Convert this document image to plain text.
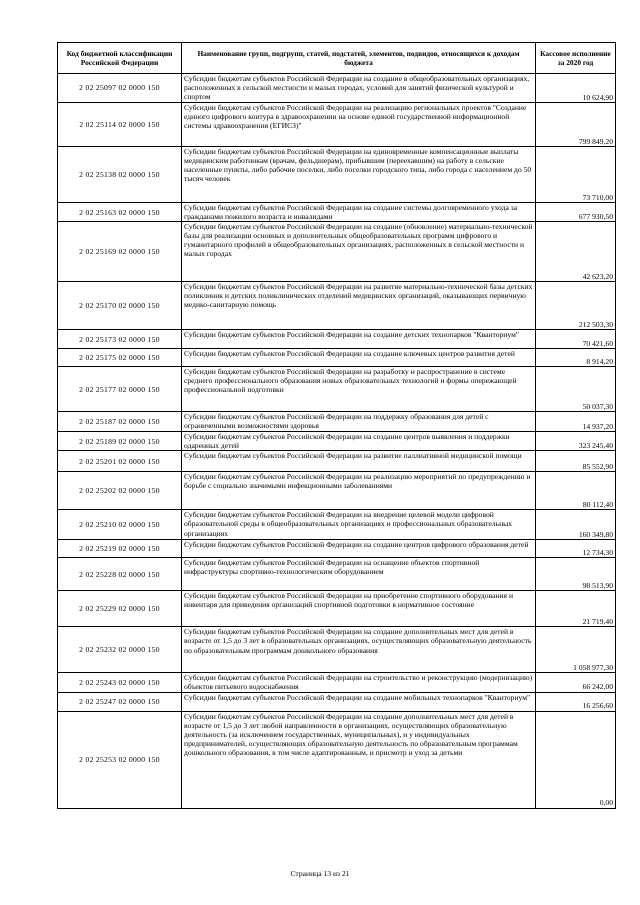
Код бюджетной классификации Российской Федерации	Наименование групп, подгрупп, статей, подстатей, элементов, подвидов, относящихся к доходам бюджета	Кассовое исполнение за 2020 год
2 02 25097 02 0000 150	Субсидии бюджетам субъектов Российской Федерации на создание в общеобразовательных организациях, расположенных в сельской местности и малых городах, условий для занятий физической культурой и спортом	10 624,90
2 02 25114 02 0000 150	Субсидии бюджетам субъектов Российской Федерации на реализацию региональных проектов "Создание единого цифрового контура в здравоохранении на основе единой государственной информационной системы здравоохранения (ЕГИСЗ)"	799 849,20
2 02 25138 02 0000 150	Субсидии бюджетам субъектов Российской Федерации на единовременные компенсационные выплаты медицинским работникам (врачам, фельдшерам), прибывшим (переехавшим) на работу в сельские населенные пункты, либо рабочие поселки, либо поселки городского типа, либо города с населением до 50 тысяч человек	73 710,00
2 02 25163 02 0000 150	Субсидии бюджетам субъектов Российской Федерации на создание системы долговременного ухода за гражданами пожилого возраста и инвалидами	677 930,50
2 02 25169 02 0000 150	Субсидии бюджетам субъектов Российской Федерации на создание (обновление) материально-технической базы для реализации основных и дополнительных общеобразовательных программ цифрового и гуманитарного профилей в общеобразовательных организациях, расположенных в сельской местности и малых городах	42 623,20
2 02 25170 02 0000 150	Субсидии бюджетам субъектов Российской Федерации на развитие материально-технической базы детских поликлиник и детских поликлинических отделений медицинских организаций, оказывающих первичную медико-санитарную помощь	212 503,30
2 02 25173 02 0000 150	Субсидии бюджетам субъектов Российской Федерации на создание детских технопарков "Кванториум"	70 421,60
2 02 25175 02 0000 150	Субсидии бюджетам субъектов Российской Федерации на создание ключевых центров развития детей	8 914,20
2 02 25177 02 0000 150	Субсидии бюджетам субъектов Российской Федерации на разработку и распространение в системе среднего профессионального образования новых образовательных технологий и формы опережающей профессиональной подготовки	50 037,30
2 02 25187 02 0000 150	Субсидии бюджетам субъектов Российской Федерации на поддержку образования для детей с ограниченными возможностями здоровья	14 937,20
2 02 25189 02 0000 150	Субсидии бюджетам субъектов Российской Федерации на создание центров выявления и поддержки одаренных детей	323 245,40
2 02 25201 02 0000 150	Субсидии бюджетам субъектов Российской Федерации на развитие паллиативной медицинской помощи	85 552,90
2 02 25202 02 0000 150	Субсидии бюджетам субъектов Российской Федерации на реализацию мероприятий по предупреждению и борьбе с социально значимыми инфекционными заболеваниями	80 112,40
2 02 25210 02 0000 150	Субсидии бюджетам субъектов Российской Федерации на внедрение целевой модели цифровой образовательной среды в общеобразовательных организациях и профессиональных образовательных организациях	160 349,80
2 02 25219 02 0000 150	Субсидии бюджетам субъектов Российской Федерации на создание центров цифрового образования детей	12 734,30
2 02 25228 02 0000 150	Субсидии бюджетам субъектов Российской Федерации на оснащение объектов спортивной инфраструктуры спортивно-технологическим оборудованием	98 513,90
2 02 25229 02 0000 150	Субсидии бюджетам субъектов Российской Федерации на приобретение спортивного оборудования и инвентаря для приведения организаций спортивной подготовки в нормативное состояние	21 719,40
2 02 25232 02 0000 150	Субсидии бюджетам субъектов Российской Федерации на создание дополнительных мест для детей в возрасте от 1,5 до 3 лет в образовательных организациях, осуществляющих образовательную деятельность по образовательным программам дошкольного образования	1 058 977,30
2 02 25243 02 0000 150	Субсидии бюджетам субъектов Российской Федерации на строительство и реконструкцию (модернизацию) объектов питьевого водоснабжения	66 242,00
2 02 25247 02 0000 150	Субсидии бюджетам субъектов Российской Федерации на создание мобильных технопарков "Кванториум"	16 256,60
2 02 25253 02 0000 150	Субсидии бюджетам субъектов Российской Федерации на создание дополнительных мест для детей в возрасте от 1,5 до 3 лет любой направленности в организациях, осуществляющих образовательную деятельность (за исключением государственных, муниципальных), и у индивидуальных предпринимателей, осуществляющих образовательную деятельность по образовательным программам дошкольного образования, в том числе адаптированным, и присмотр и уход за детьми	0,00
Страница 13 из 21
